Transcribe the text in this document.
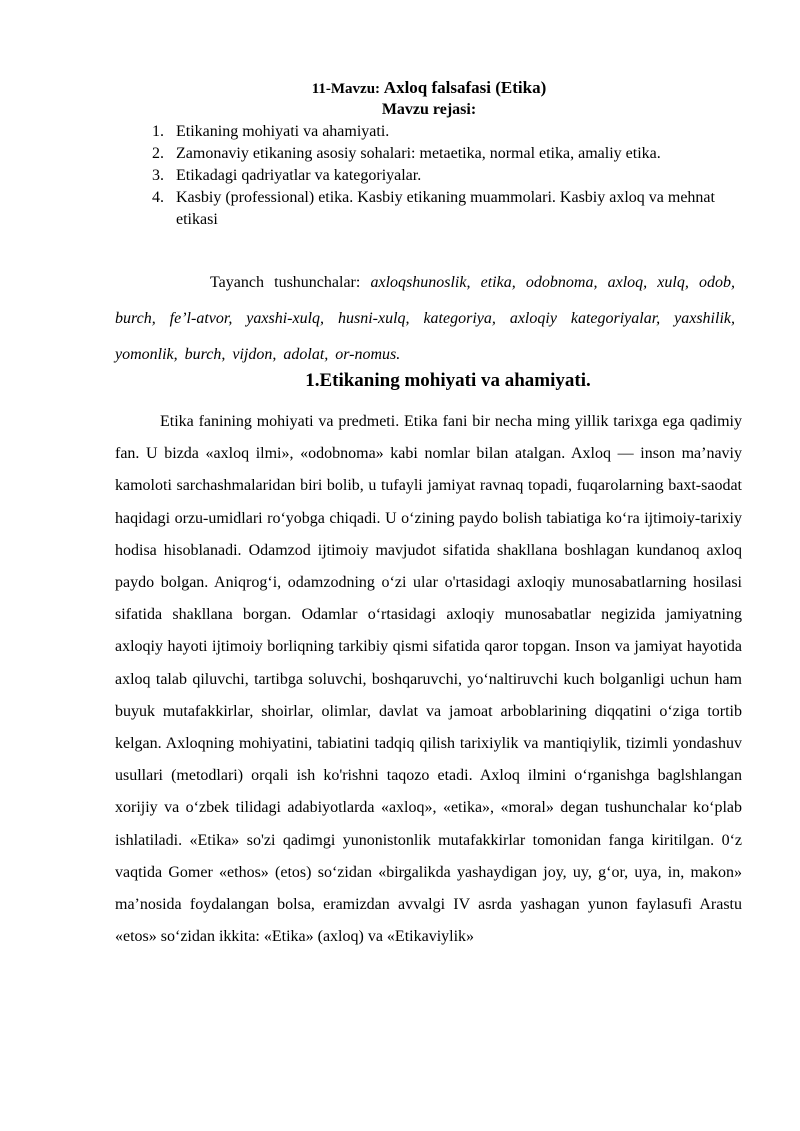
11-Mavzu: Axloq falsafasi (Etika)
Mavzu rejasi:
1. Etikaning mohiyati va ahamiyati.
2. Zamonaviy etikaning asosiy sohalari: metaetika, normal etika, amaliy etika.
3. Etikadagi qadriyatlar va kategoriyalar.
4. Kasbiy (professional) etika. Kasbiy etikaning muammolari. Kasbiy axloq va mehnat etikasi
Tayanch tushunchalar: axloqshunoslik, etika, odobnoma, axloq, xulq, odob, burch, fe’l-atvor, yaxshi-xulq, husni-xulq, kategoriya, axloqiy kategoriyalar, yaxshilik, yomonlik, burch, vijdon, adolat, or-nomus.
1.Etikaning mohiyati va ahamiyati.

Etika fanining mohiyati va predmeti. Etika fani bir necha ming yillik tarixga ega qadimiy fan. U bizda «axloq ilmi», «odobnoma» kabi nomlar bilan atalgan. Axloq — inson ma’naviy kamoloti sarchashmalaridan biri bolib, u tufayli jamiyat ravnaq topadi, fuqarolarning baxt-saodat haqidagi orzu-umidlari ro‘yobga chiqadi. U o‘zining paydo bolish tabiatiga ko‘ra ijtimoiy-tarixiy hodisa hisoblanadi. Odamzod ijtimoiy mavjudot sifatida shakllana boshlagan kundanoq axloq paydo bolgan. Aniqrog‘i, odamzodning o‘zi ular o'rtasidagi axloqiy munosabatlarning hosilasi sifatida shakllana borgan. Odamlar o‘rtasidagi axloqiy munosabatlar negizida jamiyatning axloqiy hayoti ijtimoiy borliqning tarkibiy qismi sifatida qaror topgan. Inson va jamiyat hayotida axloq talab qiluvchi, tartibga soluvchi, boshqaruvchi, yo‘naltiruvchi kuch bolganligi uchun ham buyuk mutafakkirlar, shoirlar, olimlar, davlat va jamoat arboblarining diqqatini o‘ziga tortib kelgan. Axloqning mohiyatini, tabiatini tadqiq qilish tarixiylik va mantiqiylik, tizimli yondashuv usullari (metodlari) orqali ish ko'rishni taqozo etadi. Axloq ilmini o‘rganishga baglshlangan xorijiy va o‘zbek tilidagi adabiyotlarda «axloq», «etika», «moral» degan tushunchalar ko‘plab ishlatiladi. «Etika» so'zi qadimgi yunonistonlik mutafakkirlar tomonidan fanga kiritilgan. 0‘z vaqtida Gomer «ethos» (etos) so‘zidan «birgalikda yashaydigan joy, uy, g‘or, uya, in, makon» ma’nosida foydalangan bolsa, eramizdan avvalgi IV asrda yashagan yunon faylasufi Arastu «etos» so‘zidan ikkita: «Etika» (axloq) va «Etikaviylik»
